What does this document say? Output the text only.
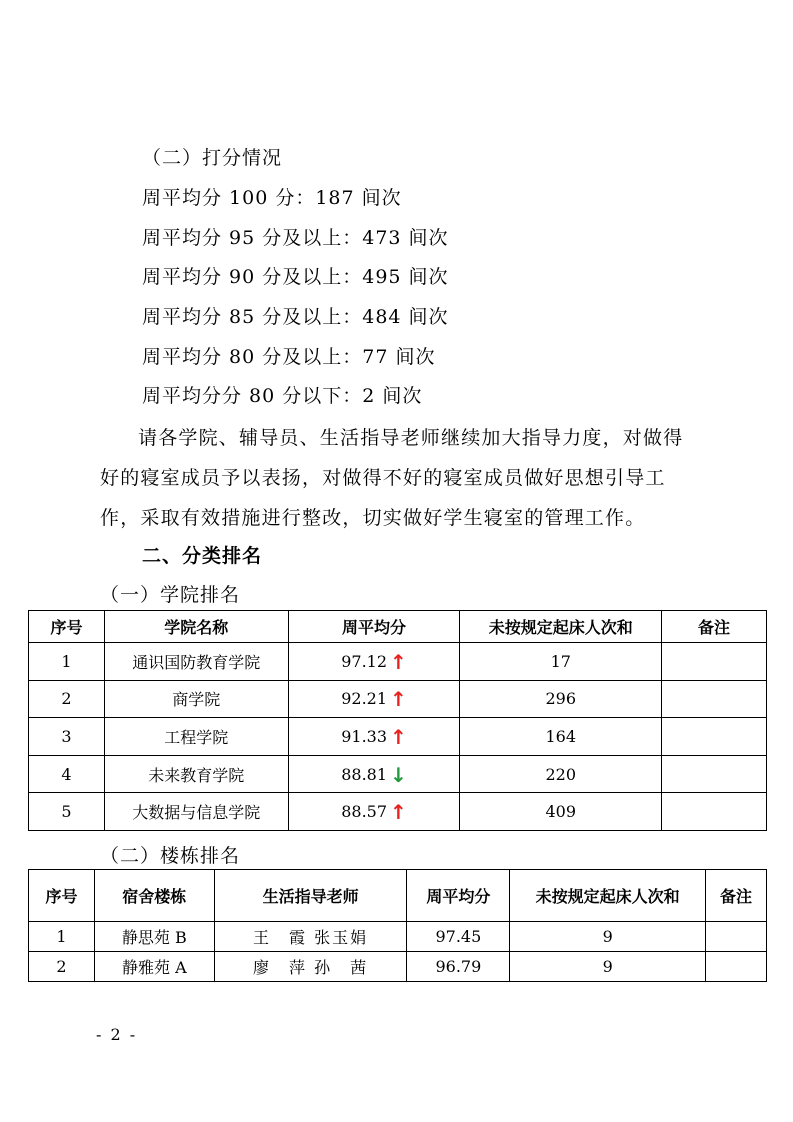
（二）打分情况
周平均分 100 分：187 间次
周平均分 95 分及以上：473 间次
周平均分 90 分及以上：495 间次
周平均分 85 分及以上：484 间次
周平均分 80 分及以上：77 间次
周平均分分 80 分以下：2 间次

请各学院、辅导员、生活指导老师继续加大指导力度，对做得好的寝室成员予以表扬，对做得不好的寝室成员做好思想引导工作，采取有效措施进行整改，切实做好学生寝室的管理工作。

二、分类排名
（一）学院排名
序号	学院名称	周平均分	未按规定起床人次和	备注
1	通识国防教育学院	97.12 ↑	17	
2	商学院	92.21 ↑	296	
3	工程学院	91.33 ↑	164	
4	未来教育学院	88.81 ↓	220	
5	大数据与信息学院	88.57 ↑	409	
（二）楼栋排名
序号	宿舍楼栋	生活指导老师	周平均分	未按规定起床人次和	备注
1	静思苑 B	王　霞 张玉娟	97.45	9	
2	静雅苑 A	廖　萍 孙　茜	96.79	9	
- 2 -
